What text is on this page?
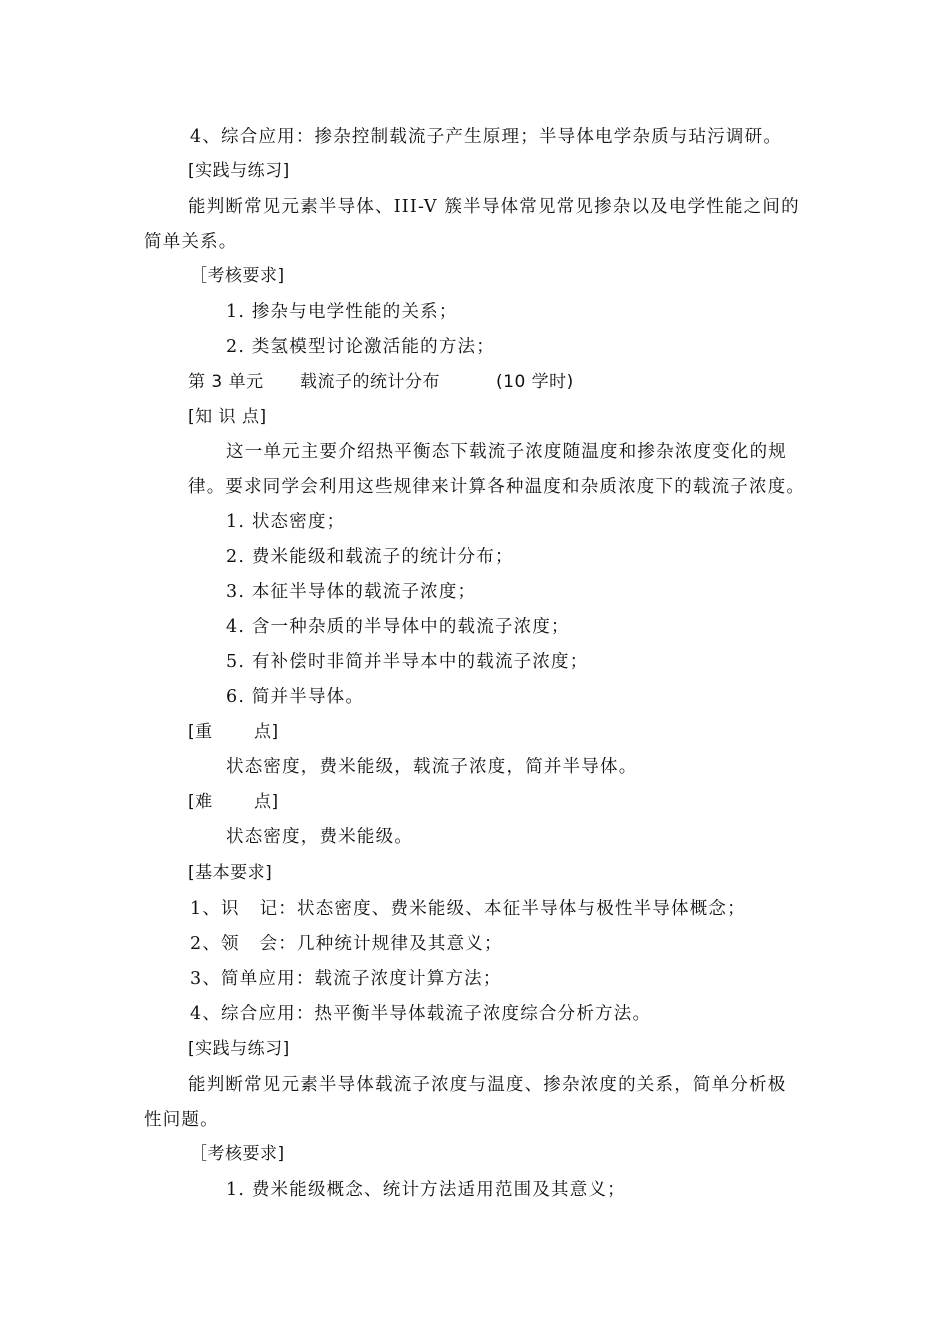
4、综合应用：掺杂控制载流子产生原理；半导体电学杂质与玷污调研。
[实践与练习]
能判断常见元素半导体、III-V 簇半导体常见常见掺杂以及电学性能之间的
简单关系。
［考核要求]
1. 掺杂与电学性能的关系；
2. 类氢模型讨论激活能的方法；
第 3 单元 载流子的统计分布	(10 学时)
[知 识 点]
这一单元主要介绍热平衡态下载流子浓度随温度和掺杂浓度变化的规
律。要求同学会利用这些规律来计算各种温度和杂质浓度下的载流子浓度。
1. 状态密度；
2. 费米能级和载流子的统计分布；
3. 本征半导体的载流子浓度；
4. 含一种杂质的半导体中的载流子浓度；
5. 有补偿时非简并半导本中的载流子浓度；
6. 简并半导体。
[重 点]
状态密度，费米能级，载流子浓度，简并半导体。
[难 点]
状态密度，费米能级。
[基本要求]
1、识 记：状态密度、费米能级、本征半导体与极性半导体概念；
2、领 会：几种统计规律及其意义；
3、简单应用：载流子浓度计算方法；
4、综合应用：热平衡半导体载流子浓度综合分析方法。
[实践与练习]
能判断常见元素半导体载流子浓度与温度、掺杂浓度的关系，简单分析极
性问题。
［考核要求]
1. 费米能级概念、统计方法适用范围及其意义；
